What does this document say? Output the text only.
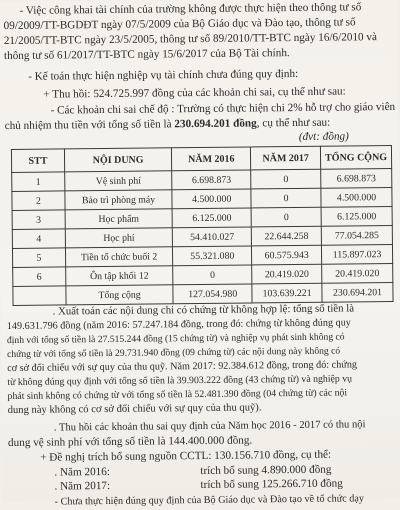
- Việc công khai tài chính của trường không được thực hiện theo thông tư số
09/2009/TT-BGDĐT ngày 07/5/2009 của Bộ Giáo dục và Đào tạo, thông tư số
21/2005/TT-BTC ngày 23/5/2005, thông tư số 89/2010/TT-BTC ngày 16/6/2010 và
thông tư số 61/2017/TT-BTC ngày 15/6/2017 của Bộ Tài chính.
- Kế toán thực hiện nghiệp vụ tài chính chưa đúng quy định:
+ Thu hồi: 524.725.997 đồng của các khoản chi sai, cụ thể như sau:
- Các khoản chi sai chế độ : Trường có thực hiện chi 2% hỗ trợ cho giáo viên
chủ nhiệm thu tiền với tổng số tiền là 230.694.201 đồng, cụ thể như sau:
(đvt: đồng)
STT	NỘI DUNG	NĂM 2016	NĂM 2017	TỔNG CỘNG
1	Vệ sinh phí	6.698.873	0	6.698.873
2	Bảo trì phòng máy	4.500.000	0	4.500.000
3	Học phẩm	6.125.000	0	6.125.000
4	Học phí	54.410.027	22.644.258	77.054.285
5	Tiền tổ chức buổi 2	55.321.080	60.575.943	115.897.023
6	Ôn tập khối 12	0	20.419.020	20.419.020
	Tổng cộng	127.054.980	103.639.221	230.694.201
. Xuất toán các nội dung chi có chứng từ không hợp lệ: tổng số tiền là
149.631.796 đồng (năm 2016: 57.247.184 đồng, trong đó: chứng từ không đúng quy
định với tổng số tiền là 27.515.244 đồng (15 chứng từ) và nghiệp vụ phát sinh không có
chứng từ với tổng số tiền là 29.731.940 đồng (09 chứng từ) các nội dung này không có
cơ sở đối chiếu với sự quy của thu quỹ. Năm 2017: 92.384.612 đồng, trong đó: chứng
từ không đúng quy định với tổng số tiền là 39.903.222 đồng (43 chứng từ) và nghiệp vụ
phát sinh không có chứng từ với tổng số tiền là 52.481.390 đồng (04 chứng từ) các nội
dung này không có cơ sở đối chiếu với sự quy của thu quỹ).
. Thu hồi các khoản thu sai quy định của Năm học 2016 - 2017 có thu nội
dung vệ sinh phí với tổng số tiền là 144.400.000 đồng.
+ Đề nghị trích bổ sung nguồn CCTL: 130.156.710 đồng, cụ thể:
. Năm 2016:	trích bổ sung 4.890.000 đồng
. Năm 2017:	trích bổ sung 125.266.710 đồng
- Chưa thực hiện đúng quy định của Bộ Giáo dục và Đào tạo về tổ chức dạy
